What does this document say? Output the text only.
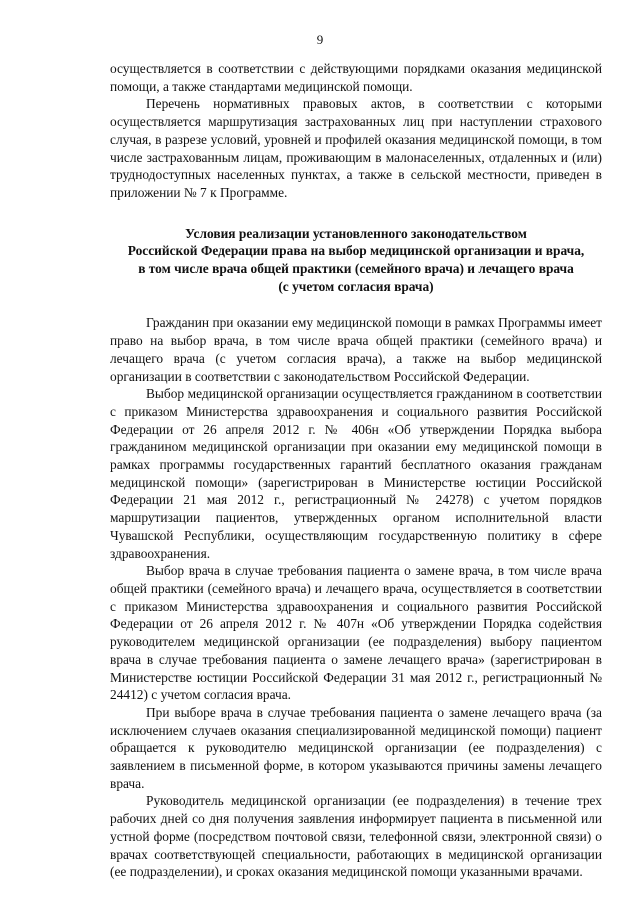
9

осуществляется в соответствии с действующими порядками оказания медицинской помощи, а также стандартами медицинской помощи.

Перечень нормативных правовых актов, в соответствии с которыми осуществляется маршрутизация застрахованных лиц при наступлении страхового случая, в разрезе условий, уровней и профилей оказания медицинской помощи, в том числе застрахованным лицам, проживающим в малонаселенных, отдаленных и (или) труднодоступных населенных пунктах, а также в сельской местности, приведен в приложении № 7 к Программе.

Условия реализации установленного законодательством
Российской Федерации права на выбор медицинской организации и врача,
в том числе врача общей практики (семейного врача) и лечащего врача
(с учетом согласия врача)

Гражданин при оказании ему медицинской помощи в рамках Программы имеет право на выбор врача, в том числе врача общей практики (семейного врача) и лечащего врача (с учетом согласия врача), а также на выбор медицинской организации в соответствии с законодательством Российской Федерации.

Выбор медицинской организации осуществляется гражданином в соответствии с приказом Министерства здравоохранения и социального развития Российской Федерации от 26 апреля 2012 г. № 406н «Об утверждении Порядка выбора гражданином медицинской организации при оказании ему медицинской помощи в рамках программы государственных гарантий бесплатного оказания гражданам медицинской помощи» (зарегистрирован в Министерстве юстиции Российской Федерации 21 мая 2012 г., регистрационный № 24278) с учетом порядков маршрутизации пациентов, утвержденных органом исполнительной власти Чувашской Республики, осуществляющим государственную политику в сфере здравоохранения.

Выбор врача в случае требования пациента о замене врача, в том числе врача общей практики (семейного врача) и лечащего врача, осуществляется в соответствии с приказом Министерства здравоохранения и социального развития Российской Федерации от 26 апреля 2012 г. № 407н «Об утверждении Порядка содействия руководителем медицинской организации (ее подразделения) выбору пациентом врача в случае требования пациента о замене лечащего врача» (зарегистрирован в Министерстве юстиции Российской Федерации 31 мая 2012 г., регистрационный № 24412) с учетом согласия врача.

При выборе врача в случае требования пациента о замене лечащего врача (за исключением случаев оказания специализированной медицинской помощи) пациент обращается к руководителю медицинской организации (ее подразделения) с заявлением в письменной форме, в котором указываются причины замены лечащего врача.

Руководитель медицинской организации (ее подразделения) в течение трех рабочих дней со дня получения заявления информирует пациента в письменной или устной форме (посредством почтовой связи, телефонной связи, электронной связи) о врачах соответствующей специальности, работающих в медицинской организации (ее подразделении), и сроках оказания медицинской помощи указанными врачами.
